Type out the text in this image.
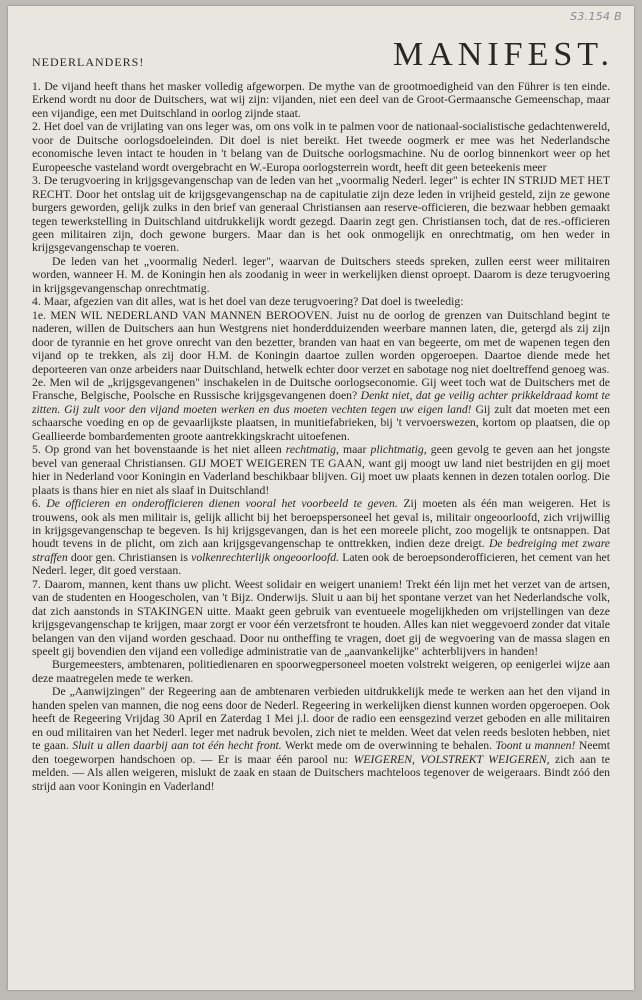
S3.154 B
NEDERLANDERS!	MANIFEST.

1. De vijand heeft thans het masker volledig afgeworpen. De mythe van de grootmoedigheid van den Führer is ten einde. Erkend wordt nu door de Duitschers, wat wij zijn: vijanden, niet een deel van de Groot-Germaansche Gemeenschap, maar een vijandige, een met Duitschland in oorlog zijnde staat.

2. Het doel van de vrijlating van ons leger was, om ons volk in te palmen voor de nationaal-socialistische gedachtenwereld, voor de Duitsche oorlogsdoeleinden. Dit doel is niet bereikt. Het tweede oogmerk er mee was het Nederlandsche economische leven intact te houden in 't belang van de Duitsche oorlogsmachine. Nu de oorlog binnenkort weer op het Europeesche vasteland wordt overgebracht en W.-Europa oorlogsterrein wordt, heeft dit geen beteekenis meer

3. De terugvoering in krijgsgevangenschap van de leden van het „voormalig Nederl. leger" is echter IN STRIJD MET HET RECHT. Door het ontslag uit de krijgsgevangenschap na de capitulatie zijn deze leden in vrijheid gesteld, zijn ze gewone burgers geworden, gelijk zulks in den brief van generaal Christiansen aan reserve-officieren, die bezwaar hebben gemaakt tegen tewerkstelling in Duitschland uitdrukkelijk wordt gezegd. Daarin zegt gen. Christiansen toch, dat de res.-officieren geen militairen zijn, doch gewone burgers. Maar dan is het ook onmogelijk en onrechtmatig, om hen weder in krijgsgevangenschap te voeren.

De leden van het „voormalig Nederl. leger", waarvan de Duitschers steeds spreken, zullen eerst weer militairen worden, wanneer H. M. de Koningin hen als zoodanig in weer in werkelijken dienst oproept. Daarom is deze terugvoering in krijgsgevangenschap onrechtmatig.

4. Maar, afgezien van dit alles, wat is het doel van deze terugvoering? Dat doel is tweeledig:

1e. MEN WIL NEDERLAND VAN MANNEN BEROOVEN. Juist nu de oorlog de grenzen van Duitschland begint te naderen, willen de Duitschers aan hun Westgrens niet honderdduizenden weerbare mannen laten, die, getergd als zij zijn door de tyrannie en het grove onrecht van den bezetter, branden van haat en van begeerte, om met de wapenen tegen den vijand op te trekken, als zij door H.M. de Koningin daartoe zullen worden opgeroepen. Daartoe diende mede het deporteeren van onze arbeiders naar Duitschland, hetwelk echter door verzet en sabotage nog niet doeltreffend genoeg was.

2e. Men wil de „krijgsgevangenen" inschakelen in de Duitsche oorlogseconomie. Gij weet toch wat de Duitschers met de Fransche, Belgische, Poolsche en Russische krijgsgevangenen doen? Denkt niet, dat ge veilig achter prikkeldraad komt te zitten. Gij zult voor den vijand moeten werken en dus moeten vechten tegen uw eigen land! Gij zult dat moeten met een schaarsche voeding en op de gevaarlijkste plaatsen, in munitiefabrieken, bij 't vervoerswezen, kortom op plaatsen, die op Geallieerde bombardementen groote aantrekkingskracht uitoefenen.

5. Op grond van het bovenstaande is het niet alleen rechtmatig, maar plichtmatig, geen gevolg te geven aan het jongste bevel van generaal Christiansen. GIJ MOET WEIGEREN TE GAAN, want gij moogt uw land niet bestrijden en gij moet hier in Nederland voor Koningin en Vaderland beschikbaar blijven. Gij moet uw plaats kennen in dezen totalen oorlog. Die plaats is thans hier en niet als slaaf in Duitschland!

6. De officieren en onderofficieren dienen vooral het voorbeeld te geven. Zij moeten als één man weigeren. Het is trouwens, ook als men militair is, gelijk allicht bij het beroepspersoneel het geval is, militair ongeoorloofd, zich vrijwillig in krijgsgevangenschap te begeven. Is hij krijgsgevangen, dan is het een moreele plicht, zoo mogelijk te ontsnappen. Dat houdt tevens in de plicht, om zich aan krijgsgevangenschap te onttrekken, indien deze dreigt. De bedreiging met zware straffen door gen. Christiansen is volkenrechterlijk ongeoorloofd. Laten ook de beroepsonderofficieren, het cement van het Nederl. leger, dit goed verstaan.

7. Daarom, mannen, kent thans uw plicht. Weest solidair en weigert unaniem! Trekt één lijn met het verzet van de artsen, van de studenten en Hoogescholen, van 't Bijz. Onderwijs. Sluit u aan bij het spontane verzet van het Nederlandsche volk, dat zich aanstonds in STAKINGEN uitte. Maakt geen gebruik van eventueele mogelijkheden om vrijstellingen van deze krijgsgevangenschap te krijgen, maar zorgt er voor één verzetsfront te houden. Alles kan niet weggevoerd zonder dat vitale belangen van den vijand worden geschaad. Door nu ontheffing te vragen, doet gij de wegvoering van de massa slagen en speelt gij bovendien den vijand een volledige administratie van de „aanvankelijke" achterblijvers in handen!

Burgemeesters, ambtenaren, politiedienaren en spoorwegpersoneel moeten volstrekt weigeren, op eenigerlei wijze aan deze maatregelen mede te werken.

De „Aanwijzingen" der Regeering aan de ambtenaren verbieden uitdrukkelijk mede te werken aan het den vijand in handen spelen van mannen, die nog eens door de Nederl. Regeering in werkelijken dienst kunnen worden opgeroepen. Ook heeft de Regeering Vrijdag 30 April en Zaterdag 1 Mei j.l. door de radio een eensgezind verzet geboden en alle militairen en oud militairen van het Nederl. leger met nadruk bevolen, zich niet te melden. Weet dat velen reeds besloten hebben, niet te gaan. Sluit u allen daarbij aan tot één hecht front. Werkt mede om de overwinning te behalen. Toont u mannen! Neemt den toegeworpen handschoen op. — Er is maar één parool nu: WEIGEREN, VOLSTREKT WEIGEREN, zich aan te melden. — Als allen weigeren, mislukt de zaak en staan de Duitschers machteloos tegenover de weigeraars. Bindt zóó den strijd aan voor Koningin en Vaderland!
